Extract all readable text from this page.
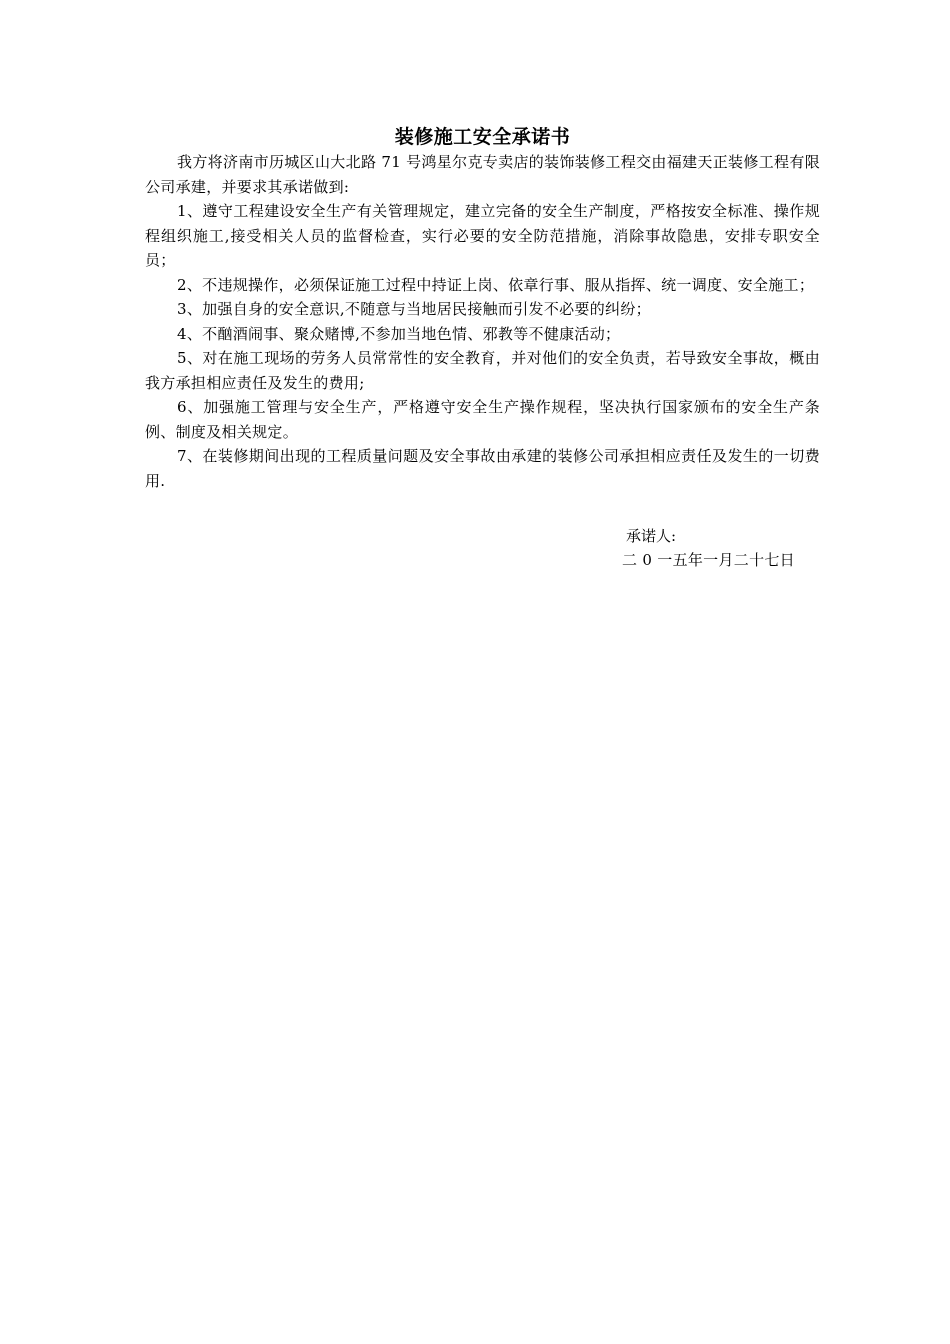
装修施工安全承诺书

我方将济南市历城区山大北路 71 号鸿星尔克专卖店的装饰装修工程交由福建天正装修工程有限公司承建，并要求其承诺做到:

1、遵守工程建设安全生产有关管理规定，建立完备的安全生产制度，严格按安全标准、操作规程组织施工,接受相关人员的监督检查，实行必要的安全防范措施，消除事故隐患，安排专职安全员；

2、不违规操作，必须保证施工过程中持证上岗、依章行事、服从指挥、统一调度、安全施工；

3、加强自身的安全意识,不随意与当地居民接触而引发不必要的纠纷；

4、不酗酒闹事、聚众赌博,不参加当地色情、邪教等不健康活动；

5、对在施工现场的劳务人员常常性的安全教育，并对他们的安全负责，若导致安全事故，概由我方承担相应责任及发生的费用;

6、加强施工管理与安全生产，严格遵守安全生产操作规程，坚决执行国家颁布的安全生产条例、制度及相关规定。

7、在装修期间出现的工程质量问题及安全事故由承建的装修公司承担相应责任及发生的一切费用.

承诺人:
二 0 一五年一月二十七日
